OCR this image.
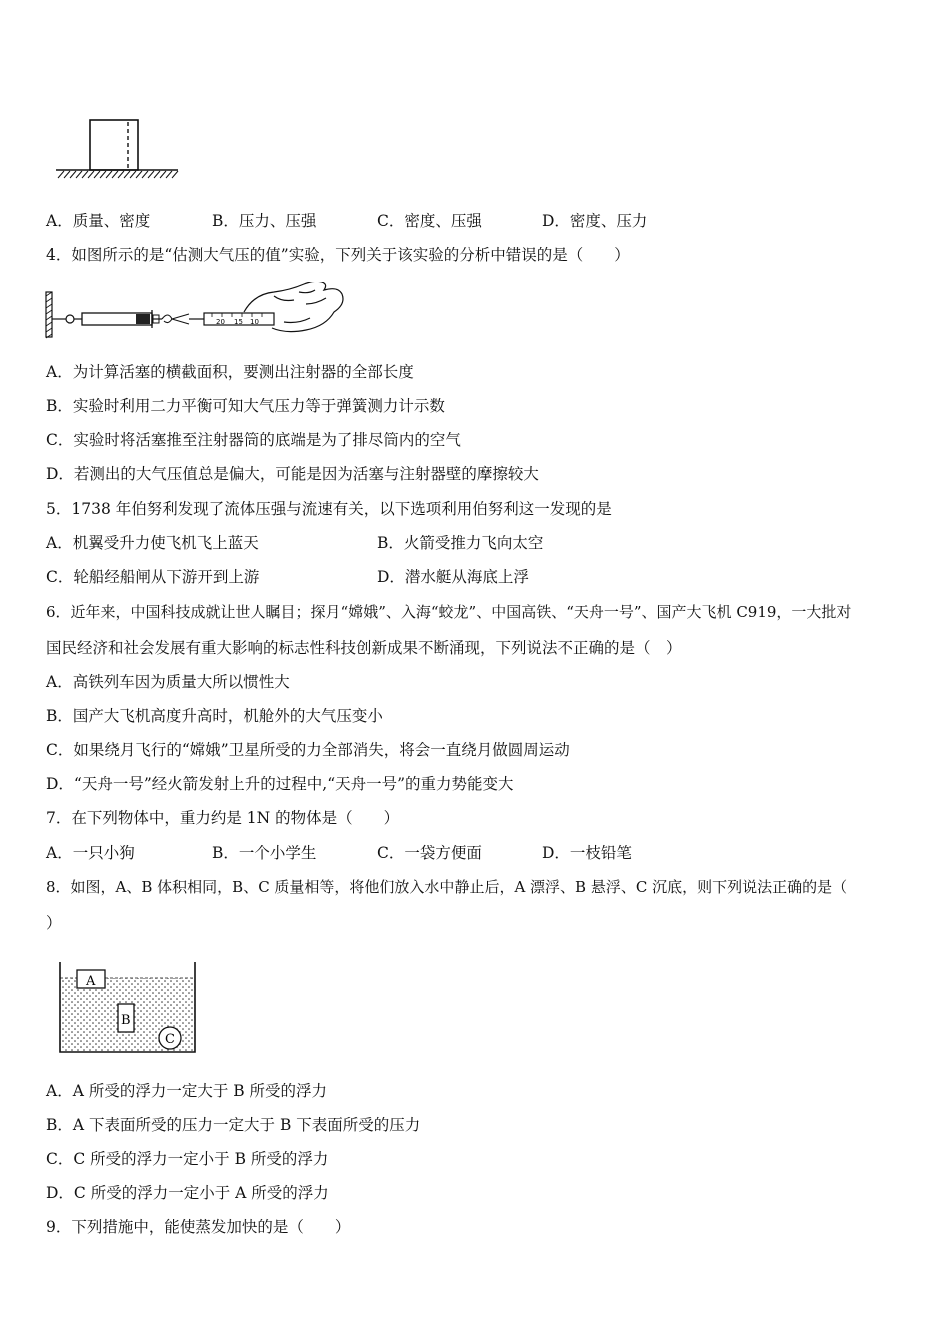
A．质量、密度	B．压力、压强	C．密度、压强	D．密度、压力
4．如图所示的是“估测大气压的值”实验，下列关于该实验的分析中错误的是（　　）
20 15 10
A．为计算活塞的横截面积，要测出注射器的全部长度
B．实验时利用二力平衡可知大气压力等于弹簧测力计示数
C．实验时将活塞推至注射器筒的底端是为了排尽筒内的空气
D．若测出的大气压值总是偏大，可能是因为活塞与注射器壁的摩擦较大
5．1738 年伯努利发现了流体压强与流速有关，以下选项利用伯努利这一发现的是
A．机翼受升力使飞机飞上蓝天	B．火箭受推力飞向太空
C．轮船经船闸从下游开到上游	D．潜水艇从海底上浮
6．近年来，中国科技成就让世人瞩目；探月“嫦娥”、入海“蛟龙”、中国高铁、“天舟一号”、国产大飞机 C919，一大批对
国民经济和社会发展有重大影响的标志性科技创新成果不断涌现，下列说法不正确的是（　）
A．高铁列车因为质量大所以惯性大
B．国产大飞机高度升高时，机舱外的大气压变小
C．如果绕月飞行的“嫦娥”卫星所受的力全部消失，将会一直绕月做圆周运动
D．“天舟一号”经火箭发射上升的过程中,“天舟一号”的重力势能变大
7．在下列物体中，重力约是 1N 的物体是（　　）
A．一只小狗	B．一个小学生	C．一袋方便面	D．一枝铅笔
8．如图，A、B 体积相同，B、C 质量相等，将他们放入水中静止后，A 漂浮、B 悬浮、C 沉底，则下列说法正确的是（
）
A
B
C
A．A 所受的浮力一定大于 B 所受的浮力
B．A 下表面所受的压力一定大于 B 下表面所受的压力
C．C 所受的浮力一定小于 B 所受的浮力
D．C 所受的浮力一定小于 A 所受的浮力
9．下列措施中，能使蒸发加快的是（　　）
